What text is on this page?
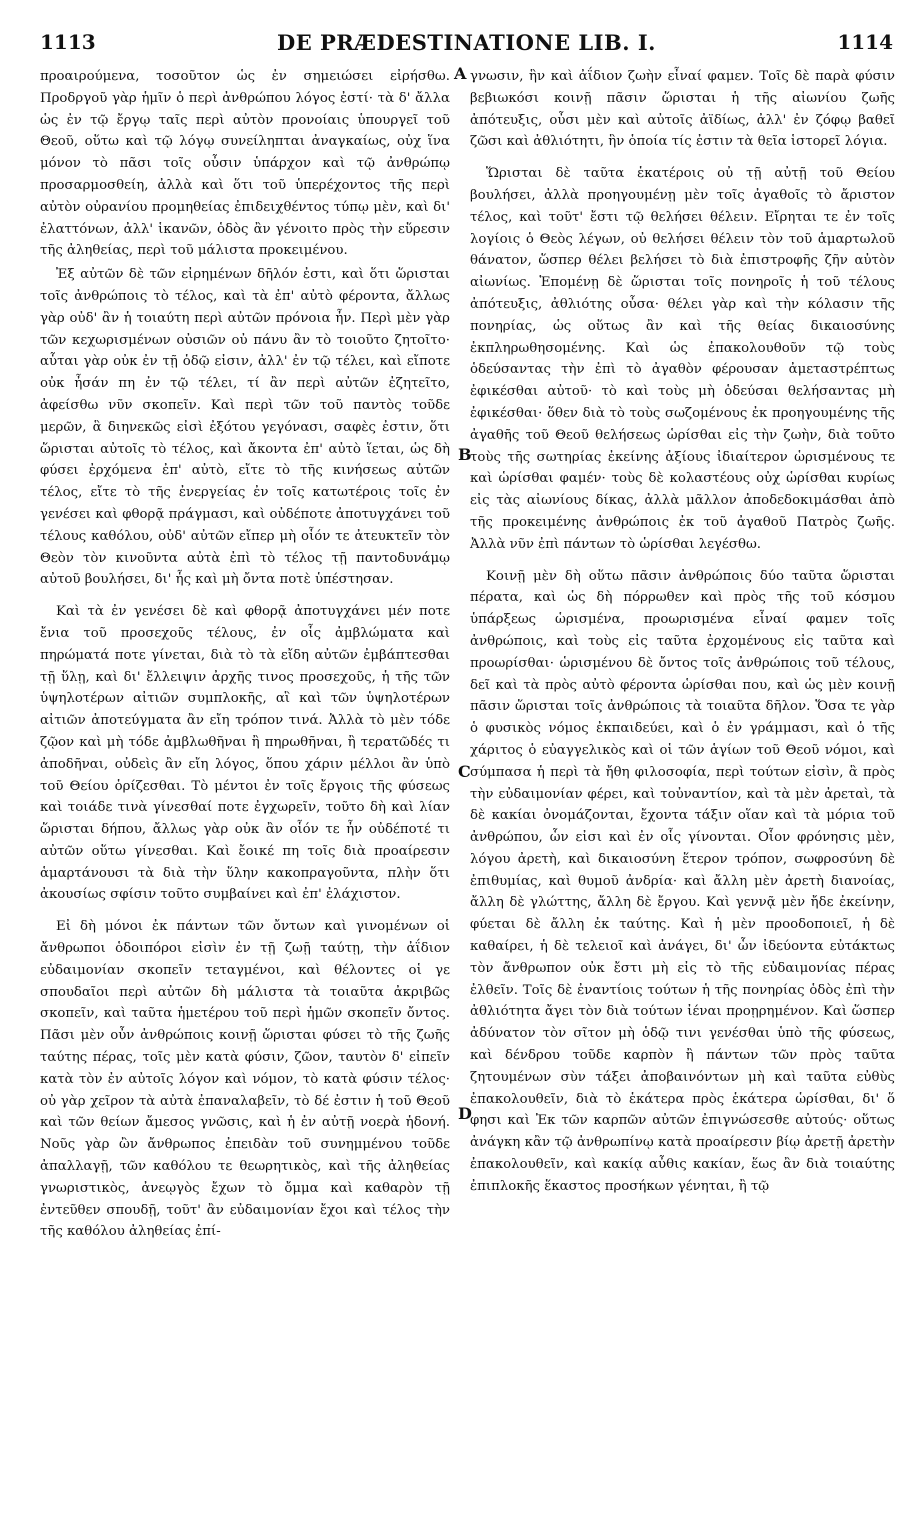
1113	DE PRÆDESTINATIONE LIB. I.	1114
A
B
C
D

προαιρούμενα, τοσοῦτον ὡς ἐν σημειώσει εἰρήσθω. Προδργοῦ γὰρ ἡμῖν ὁ περὶ ἀνθρώπου λόγος ἐστί· τὰ δ' ἄλλα ὡς ἐν τῷ ἔργῳ ταῖς περὶ αὐτὸν προνοίαις ὑπουργεῖ τοῦ Θεοῦ, οὕτω καὶ τῷ λόγῳ συνείληπται ἀναγκαίως, οὐχ ἵνα μόνον τὸ πᾶσι τοῖς οὖσιν ὑπάρχον καὶ τῷ ἀνθρώπῳ προσαρμοσθείη, ἀλλὰ καὶ ὅτι τοῦ ὑπερέχοντος τῆς περὶ αὐτὸν οὐρανίου προμηθείας ἐπιδειχθέντος τύπῳ μὲν, καὶ δι' ἐλαττόνων, ἀλλ' ἱκανῶν, ὁδὸς ἂν γένοιτο πρὸς τὴν εὕρεσιν τῆς ἀληθείας, περὶ τοῦ μάλιστα προκειμένου.

Ἐξ αὐτῶν δὲ τῶν εἰρημένων δῆλόν ἐστι, καὶ ὅτι ὥρισται τοῖς ἀνθρώποις τὸ τέλος, καὶ τὰ ἐπ' αὐτὸ φέροντα, ἄλλως γὰρ οὐδ' ἂν ἡ τοιαύτη περὶ αὐτῶν πρόνοια ἦν. Περὶ μὲν γὰρ τῶν κεχωρισμένων οὐσιῶν οὐ πάνυ ἂν τὸ τοιοῦτο ζητοῖτο· αὗται γὰρ οὐκ ἐν τῇ ὁδῷ εἰσιν, ἀλλ' ἐν τῷ τέλει, καὶ εἴποτε οὐκ ἦσάν πη ἐν τῷ τέλει, τί ἂν περὶ αὐτῶν ἐζητεῖτο, ἀφείσθω νῦν σκοπεῖν. Καὶ περὶ τῶν τοῦ παντὸς τοῦδε μερῶν, ἃ διηνεκῶς εἰσὶ ἐξότου γεγόνασι, σαφὲς ἐστιν, ὅτι ὥρισται αὐτοῖς τὸ τέλος, καὶ ἄκοντα ἐπ' αὐτὸ ἵεται, ὡς δὴ φύσει ἐρχόμενα ἐπ' αὐτὸ, εἴτε τὸ τῆς κινήσεως αὐτῶν τέλος, εἴτε τὸ τῆς ἐνεργείας ἐν τοῖς κατωτέροις τοῖς ἐν γενέσει καὶ φθορᾷ πράγμασι, καὶ οὐδέποτε ἀποτυγχάνει τοῦ τέλους καθόλου, οὐδ' αὐτῶν εἴπερ μὴ οἷόν τε ἀτευκτεῖν τὸν Θεὸν τὸν κινοῦντα αὐτὰ ἐπὶ τὸ τέλος τῇ παντοδυνάμῳ αὐτοῦ βουλήσει, δι' ἧς καὶ μὴ ὄντα ποτὲ ὑπέστησαν.

Καὶ τὰ ἐν γενέσει δὲ καὶ φθορᾷ ἀποτυγχάνει μέν ποτε ἔνια τοῦ προσεχοῦς τέλους, ἐν οἷς ἀμβλώματα καὶ πηρώματά ποτε γίνεται, διὰ τὸ τὰ εἴδη αὐτῶν ἐμβάπτεσθαι τῇ ὕλῃ, καὶ δι' ἔλλειψιν ἀρχῆς τινος προσεχοῦς, ἡ τῆς τῶν ὑψηλοτέρων αἰτιῶν συμπλοκῆς, αἳ καὶ τῶν ὑψηλοτέρων αἰτιῶν ἀποτεύγματα ἂν εἴη τρόπον τινά. Ἀλλὰ τὸ μὲν τόδε ζῷον καὶ μὴ τόδε ἀμβλωθῆναι ἢ πηρωθῆναι, ἢ τερατῶδές τι ἀποδῆναι, οὐδεὶς ἂν εἴη λόγος, ὅπου χάριν μέλλοι ἂν ὑπὸ τοῦ Θείου ὁρίζεσθαι. Τὸ μέντοι ἐν τοῖς ἔργοις τῆς φύσεως καὶ τοιάδε τινὰ γίνεσθαί ποτε ἐγχωρεῖν, τοῦτο δὴ καὶ λίαν ὥρισται δήπου, ἄλλως γὰρ οὐκ ἂν οἷόν τε ἦν οὐδέποτέ τι αὐτῶν οὕτω γίνεσθαι. Καὶ ἔοικέ πη τοῖς διὰ προαίρεσιν ἁμαρτάνουσι τὰ διὰ τὴν ὕλην κακοπραγοῦντα, πλὴν ὅτι ἀκουσίως σφίσιν τοῦτο συμβαίνει καὶ ἐπ' ἐλάχιστον.

Εἰ δὴ μόνοι ἐκ πάντων τῶν ὄντων καὶ γινομένων οἱ ἄνθρωποι ὁδοιπόροι εἰσὶν ἐν τῇ ζωῇ ταύτῃ, τὴν ἀΐδιον εὐδαιμονίαν σκοπεῖν τεταγμένοι, καὶ θέλοντες οἱ γε σπουδαῖοι περὶ αὐτῶν δὴ μάλιστα τὰ τοιαῦτα ἀκριβῶς σκοπεῖν, καὶ ταῦτα ἡμετέρου τοῦ περὶ ἡμῶν σκοπεῖν ὄντος. Πᾶσι μὲν οὖν ἀνθρώποις κοινῇ ὥρισται φύσει τὸ τῆς ζωῆς ταύτης πέρας, τοῖς μὲν κατὰ φύσιν, ζῶον, ταυτὸν δ' εἰπεῖν κατὰ τὸν ἐν αὐτοῖς λόγον καὶ νόμον, τὸ κατὰ φύσιν τέλος· οὐ γὰρ χεῖρον τὰ αὐτὰ ἐπαναλαβεῖν, τὸ δέ ἐστιν ἡ τοῦ Θεοῦ καὶ τῶν θείων ἄμεσος γνῶσις, καὶ ἡ ἐν αὐτῇ νοερὰ ἡδονή. Νοῦς γὰρ ὢν ἄνθρωπος ἐπειδὰν τοῦ συνημμένου τοῦδε ἀπαλλαγῇ, τῶν καθόλου τε θεωρητικὸς, καὶ τῆς ἀληθείας γνωριστικὸς, ἀνεῳγὸς ἔχων τὸ ὄμμα καὶ καθαρὸν τῇ ἐντεῦθεν σπουδῇ, τοῦτ' ἂν εὐδαιμονίαν ἔχοι καὶ τέλος τὴν τῆς καθόλου ἀληθείας ἐπί-

γνωσιν, ἣν καὶ ἀΐδιον ζωὴν εἶναί φαμεν. Τοῖς δὲ παρὰ φύσιν βεβιωκόσι κοινῇ πᾶσιν ὥρισται ἡ τῆς αἰωνίου ζωῆς ἀπότευξις, οὖσι μὲν καὶ αὐτοῖς ἀϊδίως, ἀλλ' ἐν ζόφῳ βαθεῖ ζῶσι καὶ ἀθλιότητι, ἣν ὁποία τίς ἐστιν τὰ θεῖα ἱστορεῖ λόγια.

Ὥρισται δὲ ταῦτα ἑκατέροις οὐ τῇ αὐτῇ τοῦ Θείου βουλήσει, ἀλλὰ προηγουμένῃ μὲν τοῖς ἀγαθοῖς τὸ ἄριστον τέλος, καὶ τοῦτ' ἔστι τῷ θελήσει θέλειν. Εἴρηται τε ἐν τοῖς λογίοις ὁ Θεὸς λέγων, οὐ θελήσει θέλειν τὸν τοῦ ἁμαρτωλοῦ θάνατον, ὥσπερ θέλει βελήσει τὸ διὰ ἐπιστροφῆς ζῆν αὐτὸν αἰωνίως. Ἑπομένῃ δὲ ὥρισται τοῖς πονηροῖς ἡ τοῦ τέλους ἀπότευξις, ἀθλιότης οὖσα· θέλει γὰρ καὶ τὴν κόλασιν τῆς πονηρίας, ὡς οὕτως ἂν καὶ τῆς θείας δικαιοσύνης ἐκπληρωθησομένης. Καὶ ὡς ἐπακολουθοῦν τῷ τοὺς ὁδεύσαντας τὴν ἐπὶ τὸ ἀγαθὸν φέρουσαν ἀμεταστρέπτως ἐφικέσθαι αὐτοῦ· τὸ καὶ τοὺς μὴ ὁδεύσαι θελήσαντας μὴ ἐφικέσθαι· ὅθεν διὰ τὸ τοὺς σωζομένους ἐκ προηγουμένης τῆς ἀγαθῆς τοῦ Θεοῦ θελήσεως ὡρίσθαι εἰς τὴν ζωὴν, διὰ τοῦτο τοὺς τῆς σωτηρίας ἐκείνης ἀξίους ἰδιαίτερον ὡρισμένους τε καὶ ὡρίσθαι φαμέν· τοὺς δὲ κολαστέους οὐχ ὡρίσθαι κυρίως εἰς τὰς αἰωνίους δίκας, ἀλλὰ μᾶλλον ἀποδεδοκιμάσθαι ἀπὸ τῆς προκειμένης ἀνθρώποις ἐκ τοῦ ἀγαθοῦ Πατρὸς ζωῆς. Ἀλλὰ νῦν ἐπὶ πάντων τὸ ὡρίσθαι λεγέσθω.

Κοινῇ μὲν δὴ οὕτω πᾶσιν ἀνθρώποις δύο ταῦτα ὥρισται πέρατα, καὶ ὡς δὴ πόρρωθεν καὶ πρὸς τῆς τοῦ κόσμου ὑπάρξεως ὡρισμένα, προωρισμένα εἶναί φαμεν τοῖς ἀνθρώποις, καὶ τοὺς εἰς ταῦτα ἐρχομένους εἰς ταῦτα καὶ προωρίσθαι· ὡρισμένου δὲ ὄντος τοῖς ἀνθρώποις τοῦ τέλους, δεῖ καὶ τὰ πρὸς αὐτὸ φέροντα ὡρίσθαι που, καὶ ὡς μὲν κοινῇ πᾶσιν ὥρισται τοῖς ἀνθρώποις τὰ τοιαῦτα δῆλον. Ὅσα τε γὰρ ὁ φυσικὸς νόμος ἐκπαιδεύει, καὶ ὁ ἐν γράμμασι, καὶ ὁ τῆς χάριτος ὁ εὐαγγελικὸς καὶ οἱ τῶν ἁγίων τοῦ Θεοῦ νόμοι, καὶ σύμπασα ἡ περὶ τὰ ἤθη φιλοσοφία, περὶ τούτων εἰσὶν, ἃ πρὸς τὴν εὐδαιμονίαν φέρει, καὶ τοὐναντίον, καὶ τὰ μὲν ἀρεταὶ, τὰ δὲ κακίαι ὀνομάζονται, ἔχοντα τάξιν οἵαν καὶ τὰ μόρια τοῦ ἀνθρώπου, ὧν εἰσι καὶ ἐν οἷς γίνονται. Οἷον φρόνησις μὲν, λόγου ἀρετὴ, καὶ δικαιοσύνη ἕτερον τρόπον, σωφροσύνη δὲ ἐπιθυμίας, καὶ θυμοῦ ἀνδρία· καὶ ἄλλη μὲν ἀρετὴ διανοίας, ἄλλη δὲ γλώττης, ἄλλη δὲ ἔργου. Καὶ γεννᾷ μὲν ἤδε ἐκείνην, φύεται δὲ ἄλλη ἐκ ταύτης. Καὶ ἡ μὲν προοδοποιεῖ, ἡ δὲ καθαίρει, ἡ δὲ τελειοῖ καὶ ἀνάγει, δι' ὧν ἰδεύοντα εὐτάκτως τὸν ἄνθρωπον οὐκ ἔστι μὴ εἰς τὸ τῆς εὐδαιμονίας πέρας ἐλθεῖν. Τοῖς δὲ ἐναντίοις τούτων ἡ τῆς πονηρίας ὁδὸς ἐπὶ τὴν ἀθλιότητα ἄγει τὸν διὰ τούτων ἰέναι προῃρημένον. Καὶ ὥσπερ ἀδύνατον τὸν σῖτον μὴ ὁδῷ τινι γενέσθαι ὑπὸ τῆς φύσεως, καὶ δένδρου τοῦδε καρπὸν ἢ πάντων τῶν πρὸς ταῦτα ζητουμένων σὺν τάξει ἀποβαινόντων μὴ καὶ ταῦτα εὐθὺς ἐπακολουθεῖν, διὰ τὸ ἑκάτερα πρὸς ἑκάτερα ὡρίσθαι, δι' ὅ φησι καὶ Ἐκ τῶν καρπῶν αὐτῶν ἐπιγνώσεσθε αὐτούς· οὕτως ἀνάγκη κἂν τῷ ἀνθρωπίνῳ κατὰ προαίρεσιν βίῳ ἀρετῇ ἀρετὴν ἐπακολουθεῖν, καὶ κακίᾳ αὖθις κακίαν, ἕως ἂν διὰ τοιαύτης ἐπιπλοκῆς ἕκαστος προσήκων γένηται, ἢ τῷ
